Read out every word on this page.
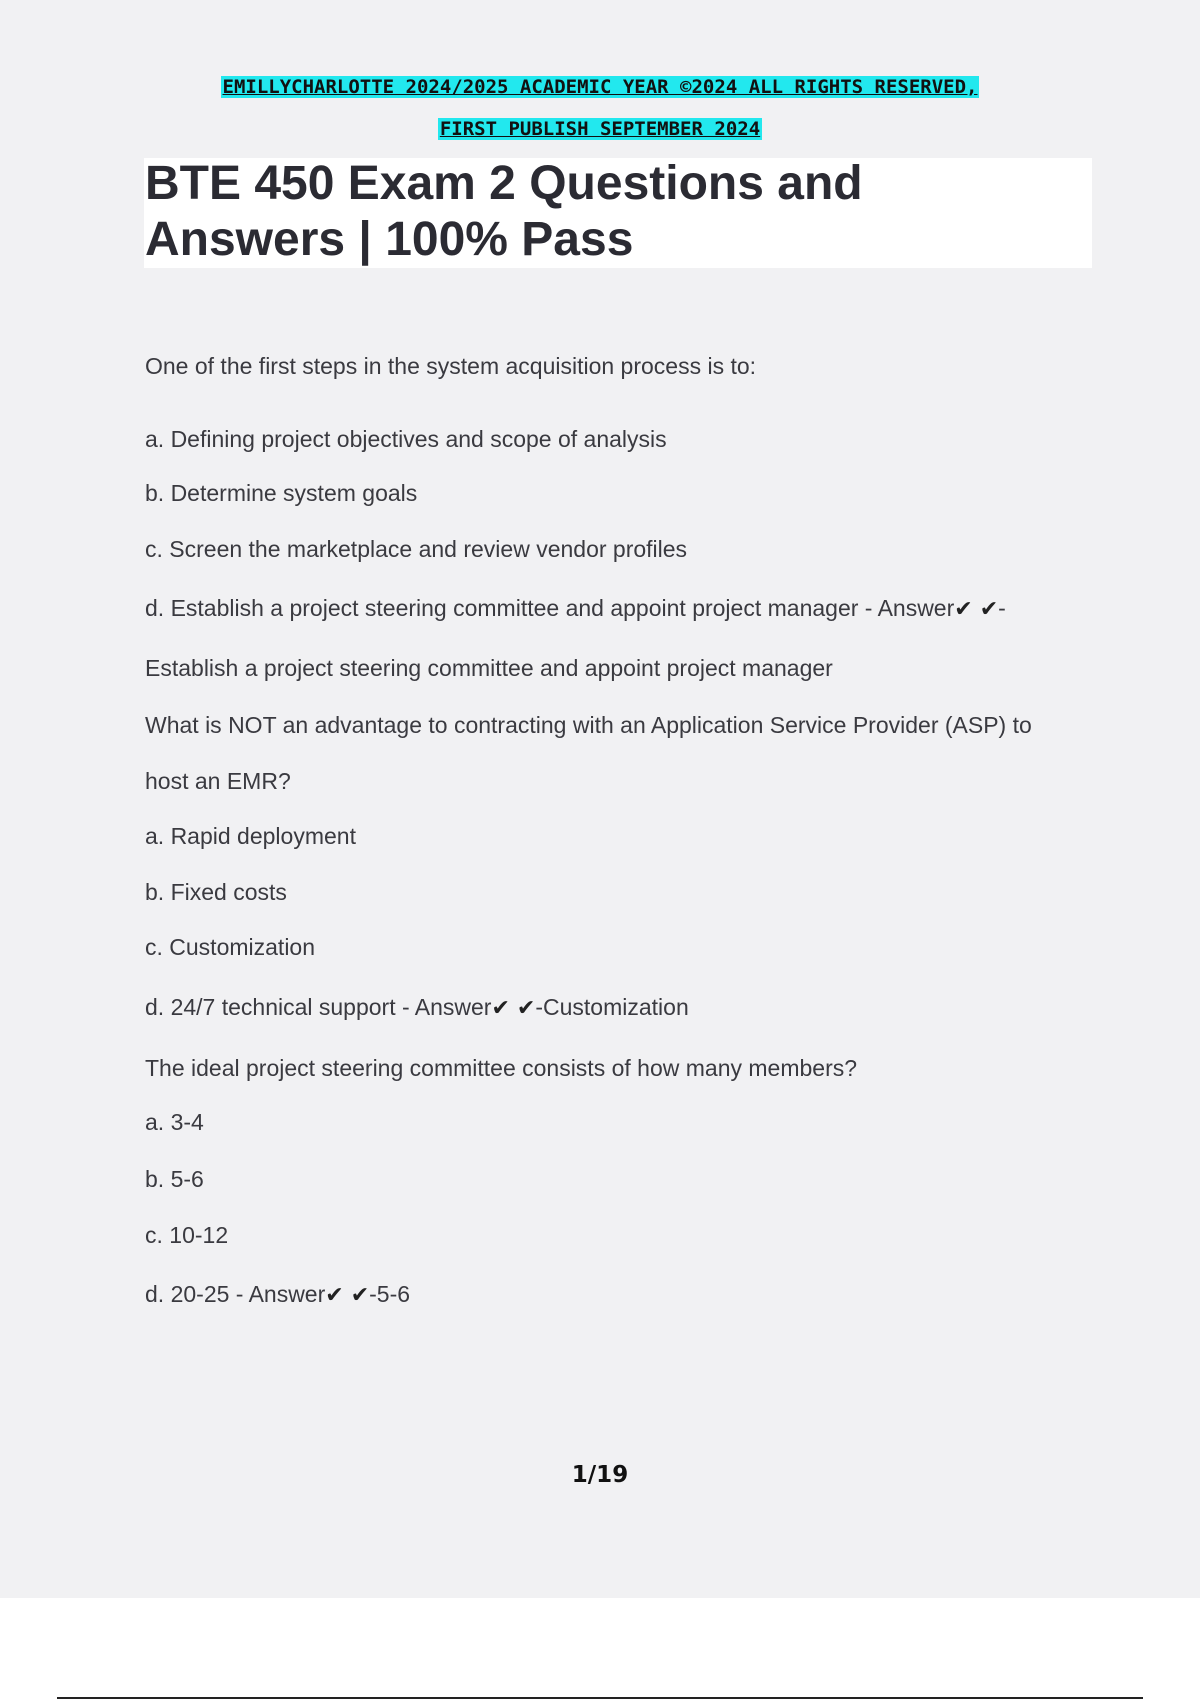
EMILLYCHARLOTTE 2024/2025 ACADEMIC YEAR ©2024 ALL RIGHTS RESERVED,
FIRST PUBLISH SEPTEMBER 2024
BTE 450 Exam 2 Questions and
Answers | 100% Pass
One of the first steps in the system acquisition process is to:
a. Defining project objectives and scope of analysis
b. Determine system goals
c. Screen the marketplace and review vendor profiles
d. Establish a project steering committee and appoint project manager - Answer✔ ✔-
Establish a project steering committee and appoint project manager
What is NOT an advantage to contracting with an Application Service Provider (ASP) to
host an EMR?
a. Rapid deployment
b. Fixed costs
c. Customization
d. 24/7 technical support - Answer✔ ✔-Customization
The ideal project steering committee consists of how many members?
a. 3-4
b. 5-6
c. 10-12
d. 20-25 - Answer✔ ✔-5-6
1/19
